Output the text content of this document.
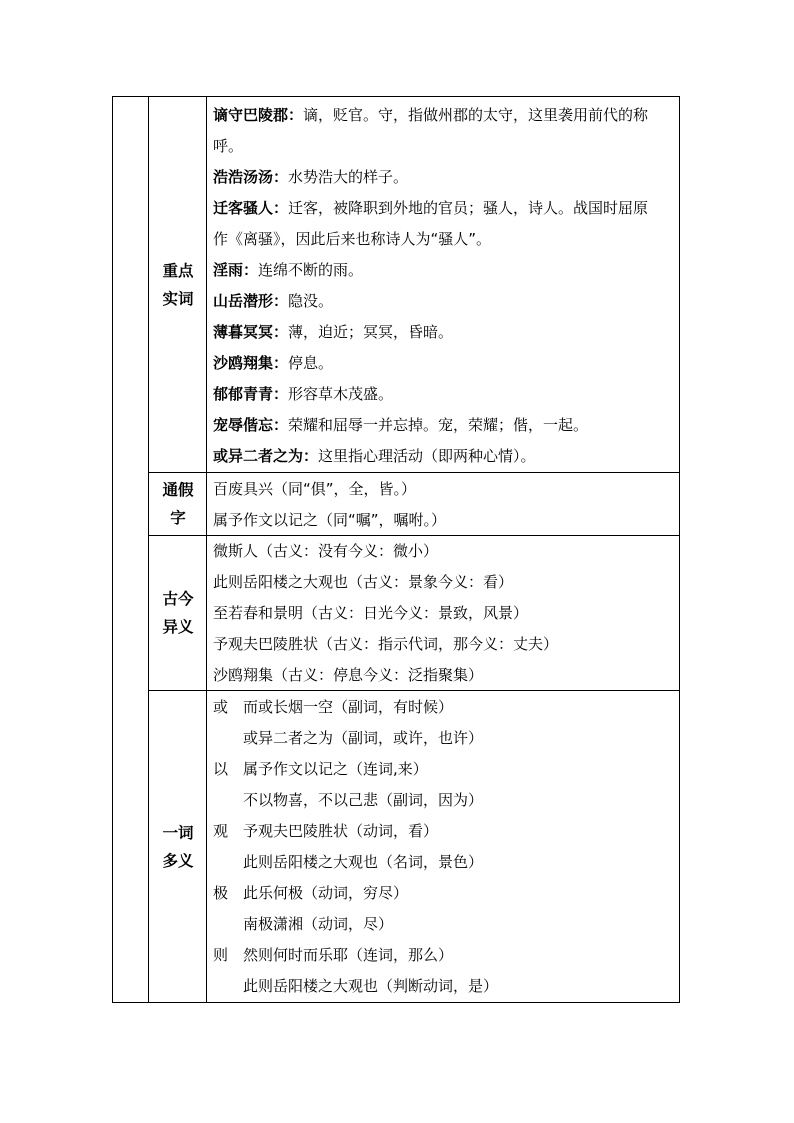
重点
实词
谪守巴陵郡：谪，贬官。守，指做州郡的太守，这里袭用前代的称
呼。
浩浩汤汤：水势浩大的样子。
迁客骚人：迁客，被降职到外地的官员；骚人，诗人。战国时屈原
作《离骚》，因此后来也称诗人为“骚人”。
淫雨：连绵不断的雨。
山岳潜形：隐没。
薄暮冥冥：薄，迫近；冥冥，昏暗。
沙鸥翔集：停息。
郁郁青青：形容草木茂盛。
宠辱偕忘：荣耀和屈辱一并忘掉。宠，荣耀；偕，一起。
或异二者之为：这里指心理活动（即两种心情）。
通假
字
百废具兴（同“俱”，全，皆。）
属予作文以记之（同“嘱”，嘱咐。）
古今
异义
微斯人（古义：没有今义：微小）
此则岳阳楼之大观也（古义：景象今义：看）
至若春和景明（古义：日光今义：景致，风景）
予观夫巴陵胜状（古义：指示代词，那今义：丈夫）
沙鸥翔集（古义：停息今义：泛指聚集）
一词
多义
或 而或长烟一空（副词，有时候）
或异二者之为（副词，或许，也许）
以 属予作文以记之（连词,来）
不以物喜，不以己悲（副词，因为）
观 予观夫巴陵胜状（动词，看）
此则岳阳楼之大观也（名词，景色）
极 此乐何极（动词，穷尽）
南极潇湘（动词，尽）
则 然则何时而乐耶（连词，那么）
此则岳阳楼之大观也（判断动词，是）
